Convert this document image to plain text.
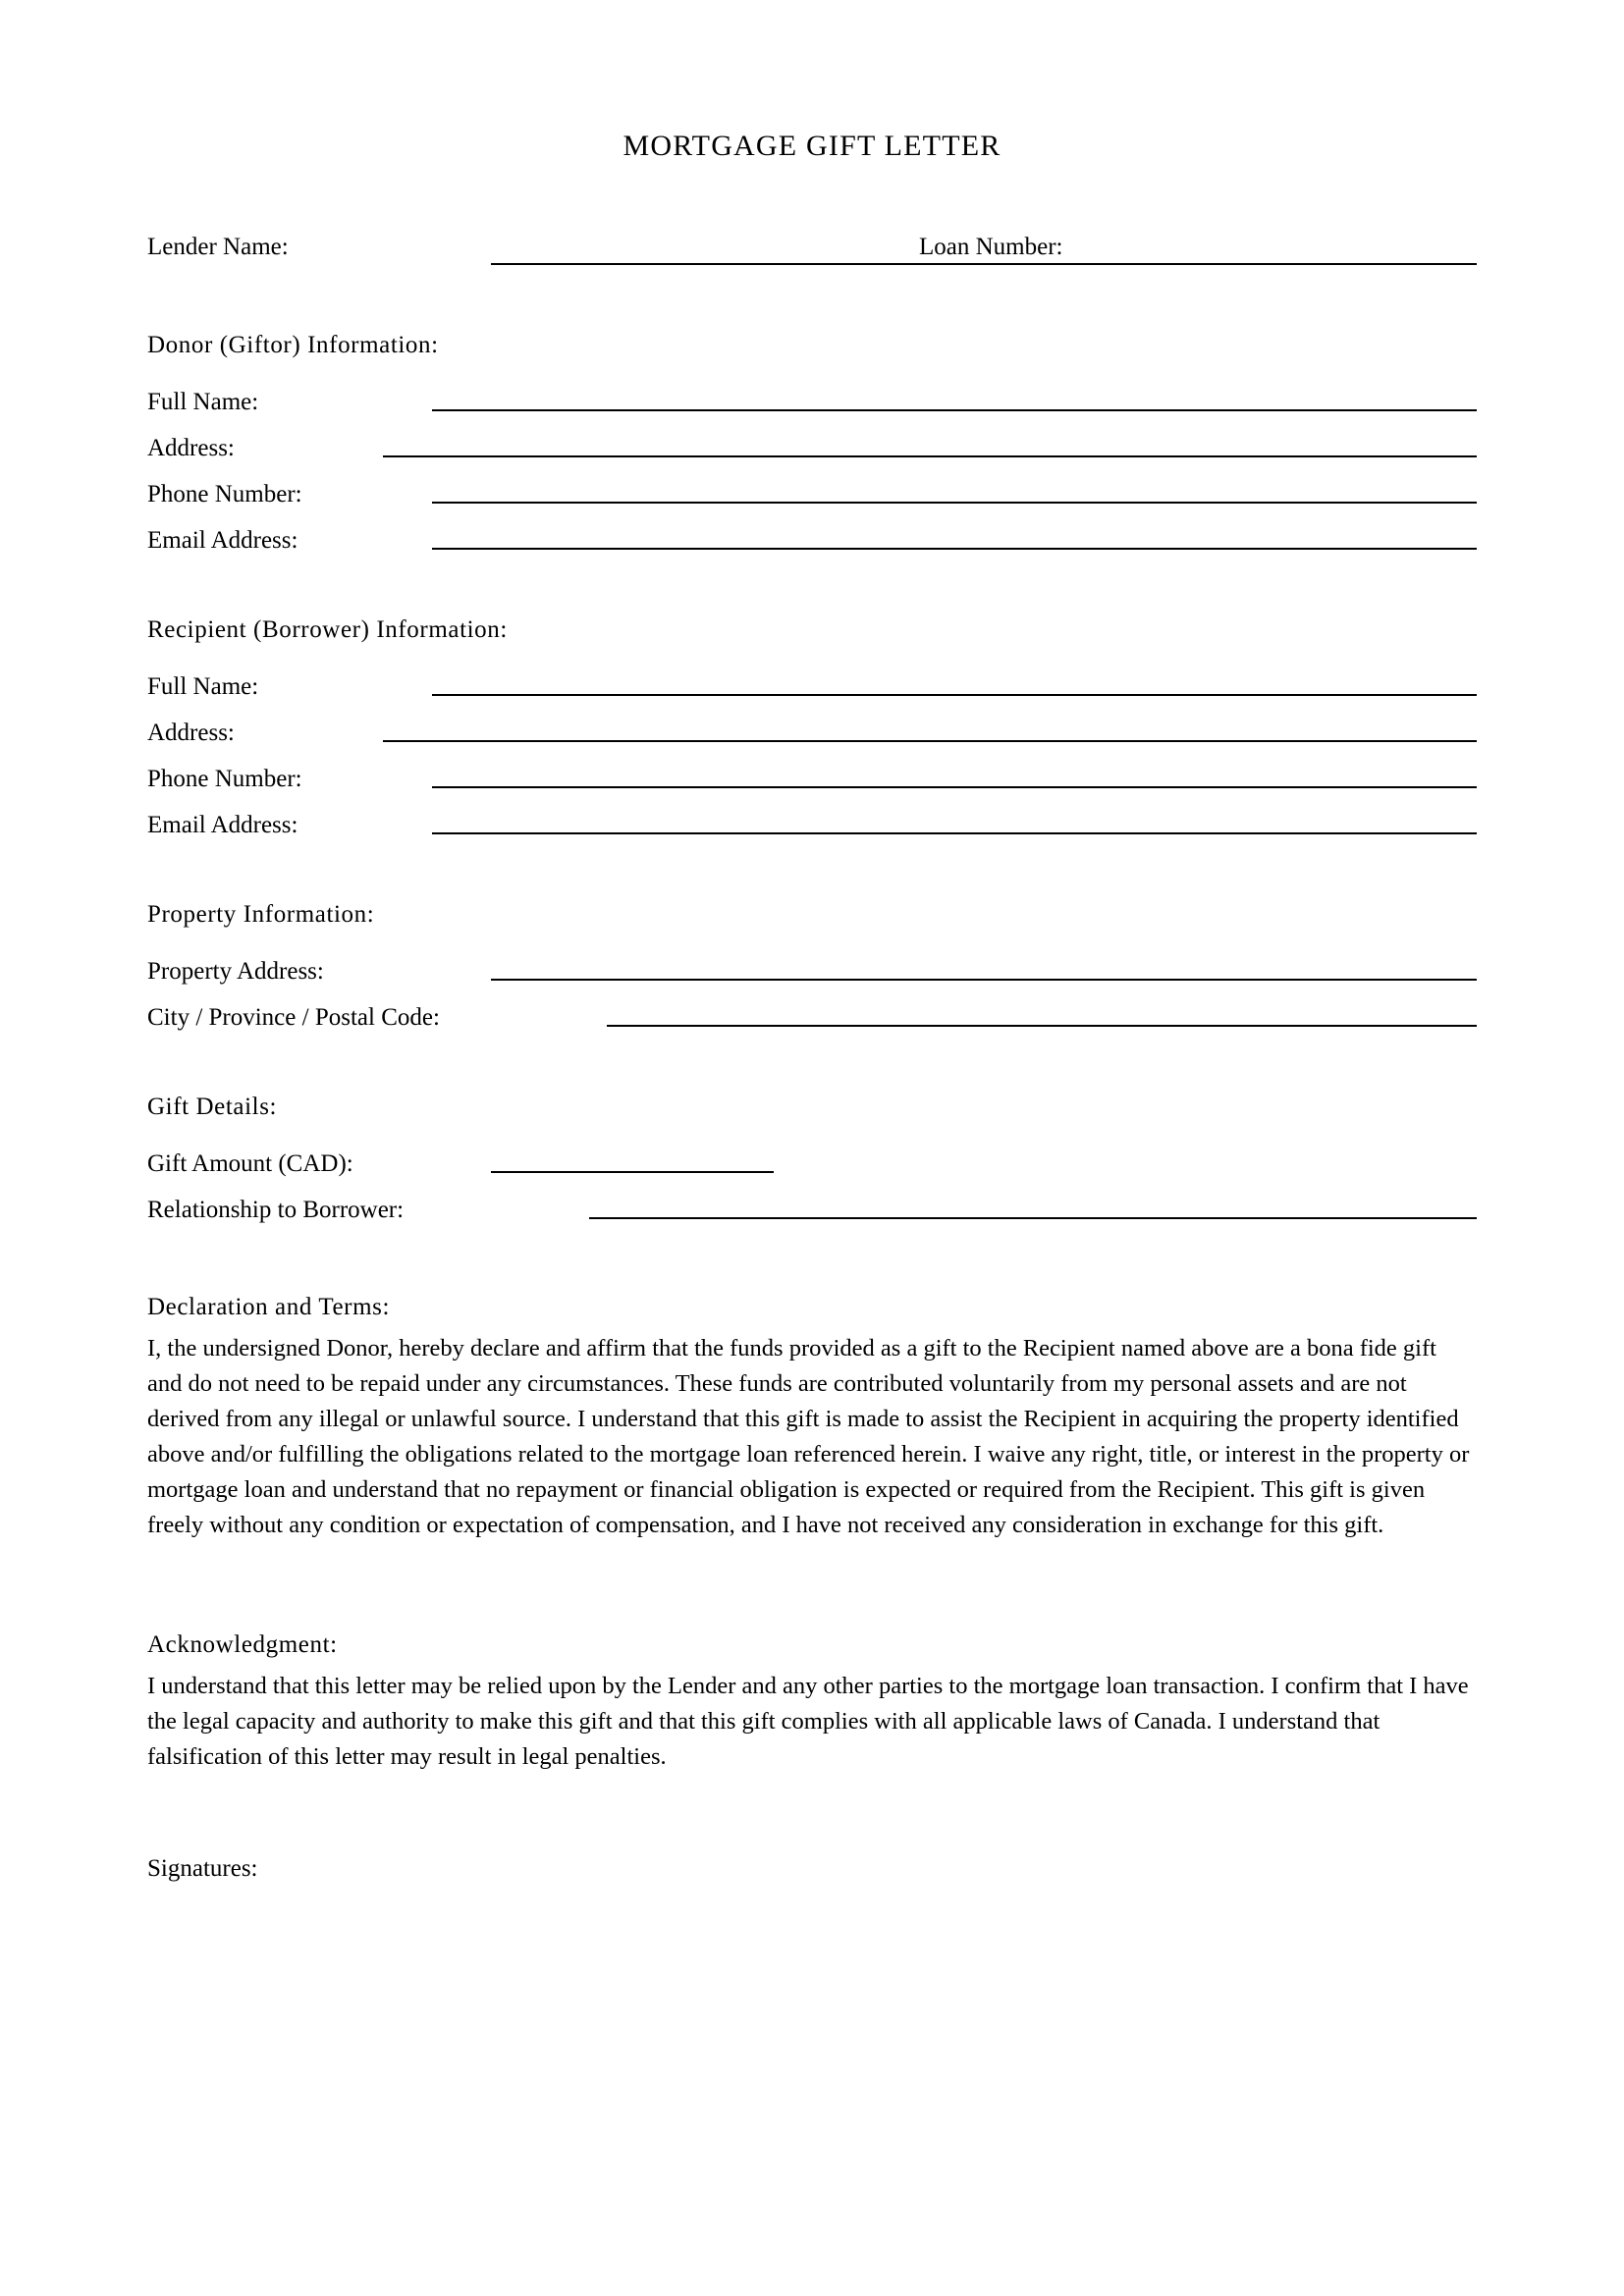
MORTGAGE GIFT LETTER
Lender Name:	Loan Number:

Donor (Giftor) Information:

Full Name:
Address:
Phone Number:
Email Address:

Recipient (Borrower) Information:

Full Name:
Address:
Phone Number:
Email Address:

Property Information:

Property Address:
City / Province / Postal Code:

Gift Details:

Gift Amount (CAD):
Relationship to Borrower:

Declaration and Terms:

I, the undersigned Donor, hereby declare and affirm that the funds provided as a gift to the Recipient named above are a bona fide gift and do not need to be repaid under any circumstances. These funds are contributed voluntarily from my personal assets and are not derived from any illegal or unlawful source. I understand that this gift is made to assist the Recipient in acquiring the property identified above and/or fulfilling the obligations related to the mortgage loan referenced herein. I waive any right, title, or interest in the property or mortgage loan and understand that no repayment or financial obligation is expected or required from the Recipient. This gift is given freely without any condition or expectation of compensation, and I have not received any consideration in exchange for this gift.

Acknowledgment:

I understand that this letter may be relied upon by the Lender and any other parties to the mortgage loan transaction. I confirm that I have the legal capacity and authority to make this gift and that this gift complies with all applicable laws of Canada. I understand that falsification of this letter may result in legal penalties.

Signatures:
